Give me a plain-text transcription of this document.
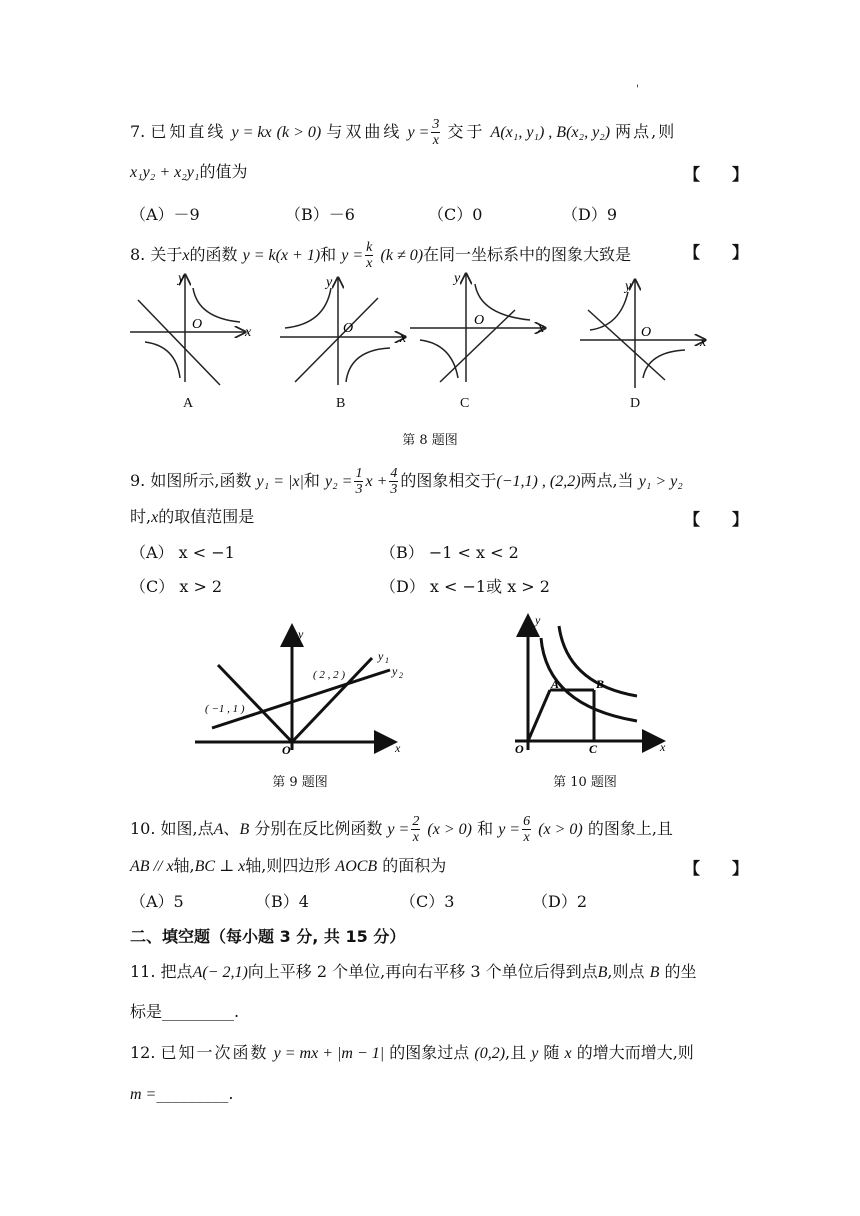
'
7. 已知直线 y = kx (k > 0) 与双曲线 $y = \frac{3}{x}$ 交于 A(x₁, y₁) , B(x₂, y₂) 两点,则
x₁y₂ + x₂y₁的值为	【　　】
（A）－9	（B）－6	（C）0	（D）9
8. 关于x的函数 y = k(x + 1)和 $y = \frac{k}{x} (k \ne 0)$在同一坐标系中的图象大致是	【　　】
y
O
x
y
O
x
y
O
x
y
O
x
A	B	C	D
第 8 题图
9. 如图所示,函数 y₁ = |x|和 $y_2 = \frac{1}{3}$ $x + \frac{4}{3}$ 的图象相交于(−1,1) , (2,2)两点,当 y₁ > y₂
时,x的取值范围是	【　　】
（A） x < −1	（B） −1 < x < 2
（C） x > 2	（D） x < −1或 x > 2
( −1 , 1 )
( 2 , 2 )
y 1
y 2
y
x
O
第 9 题图
A	B
C
O	x
y
第 10 题图
10. 如图,点A、B 分别在反比例函数 $y = \frac{2}{x} (x > 0)$ 和 $y = \frac{6}{x} (x > 0)$ 的图象上,且
AB // x轴,BC ⊥ x轴,则四边形 AOCB 的面积为	【　　】
（A）5	（B）4	（C）3	（D）2
二、填空题（每小题 3 分, 共 15 分）
11. 把点A(− 2,1)向上平移 2 个单位,再向右平移 3 个单位后得到点B,则点 B 的坐
标是_________.
12. 已知一次函数 y = mx + |m − 1| 的图象过点 (0,2),且 y 随 x 的增大而增大,则
m =_________.
